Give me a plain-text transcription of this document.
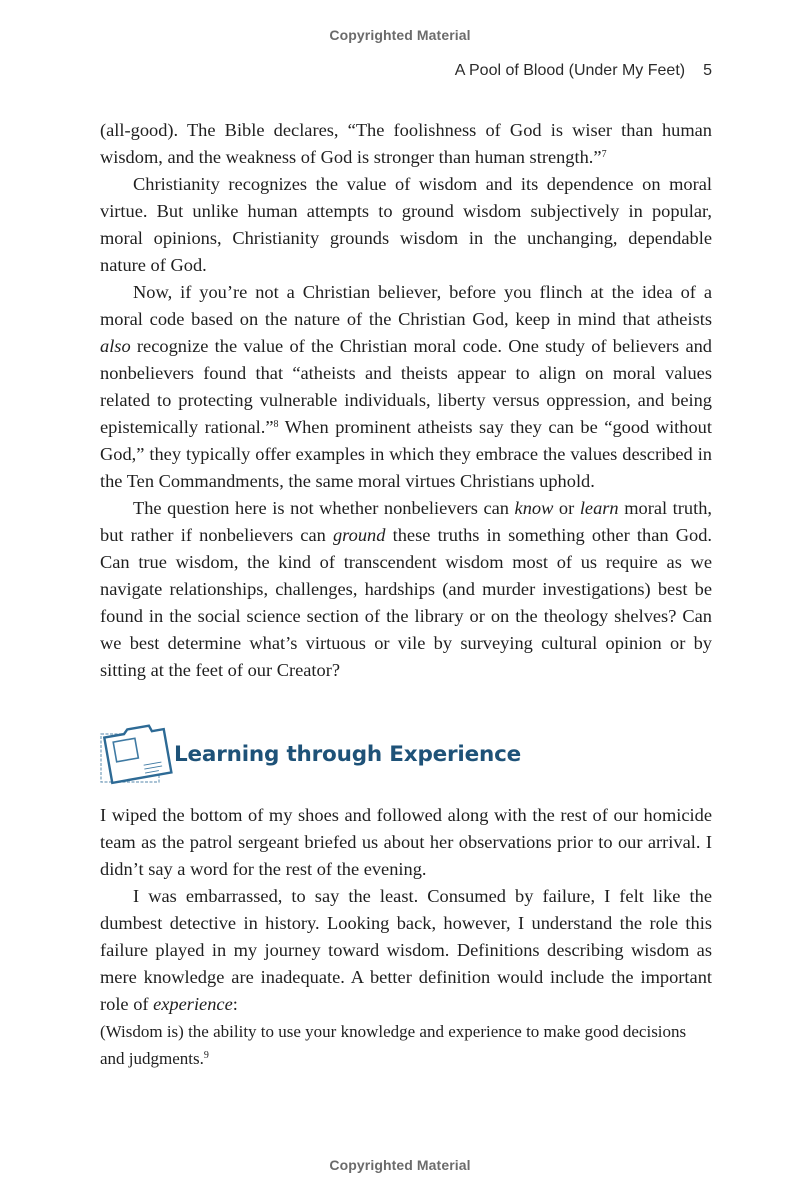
Copyrighted Material
A Pool of Blood (Under My Feet) 5

(all-good). The Bible declares, “The foolishness of God is wiser than human wisdom, and the weakness of God is stronger than human strength.”$^7$

Christianity recognizes the value of wisdom and its dependence on moral virtue. But unlike human attempts to ground wisdom subjectively in popular, moral opinions, Christianity grounds wisdom in the unchanging, dependable nature of God.

Now, if you’re not a Christian believer, before you flinch at the idea of a moral code based on the nature of the Christian God, keep in mind that atheists also recognize the value of the Christian moral code. One study of believers and nonbelievers found that “atheists and theists appear to align on moral values related to protecting vulnerable individuals, liberty versus oppression, and being epistemically rational.”$^8$ When prominent atheists say they can be “good without God,” they typically offer examples in which they embrace the values described in the Ten Commandments, the same moral virtues Christians uphold.

The question here is not whether nonbelievers can know or learn moral truth, but rather if nonbelievers can ground these truths in something other than God. Can true wisdom, the kind of transcendent wisdom most of us require as we navigate relationships, challenges, hardships (and murder investigations) best be found in the social science section of the library or on the theology shelves? Can we best determine what’s virtuous or vile by surveying cultural opinion or by sitting at the feet of our Creator?

Learning through Experience

I wiped the bottom of my shoes and followed along with the rest of our homicide team as the patrol sergeant briefed us about her observations prior to our arrival. I didn’t say a word for the rest of the evening.

I was embarrassed, to say the least. Consumed by failure, I felt like the dumbest detective in history. Looking back, however, I understand the role this failure played in my journey toward wisdom. Definitions describing wisdom as mere knowledge are inadequate. A better definition would include the important role of experience:

(Wisdom is) the ability to use your knowledge and experience to make good decisions and judgments.$^9$

Copyrighted Material
